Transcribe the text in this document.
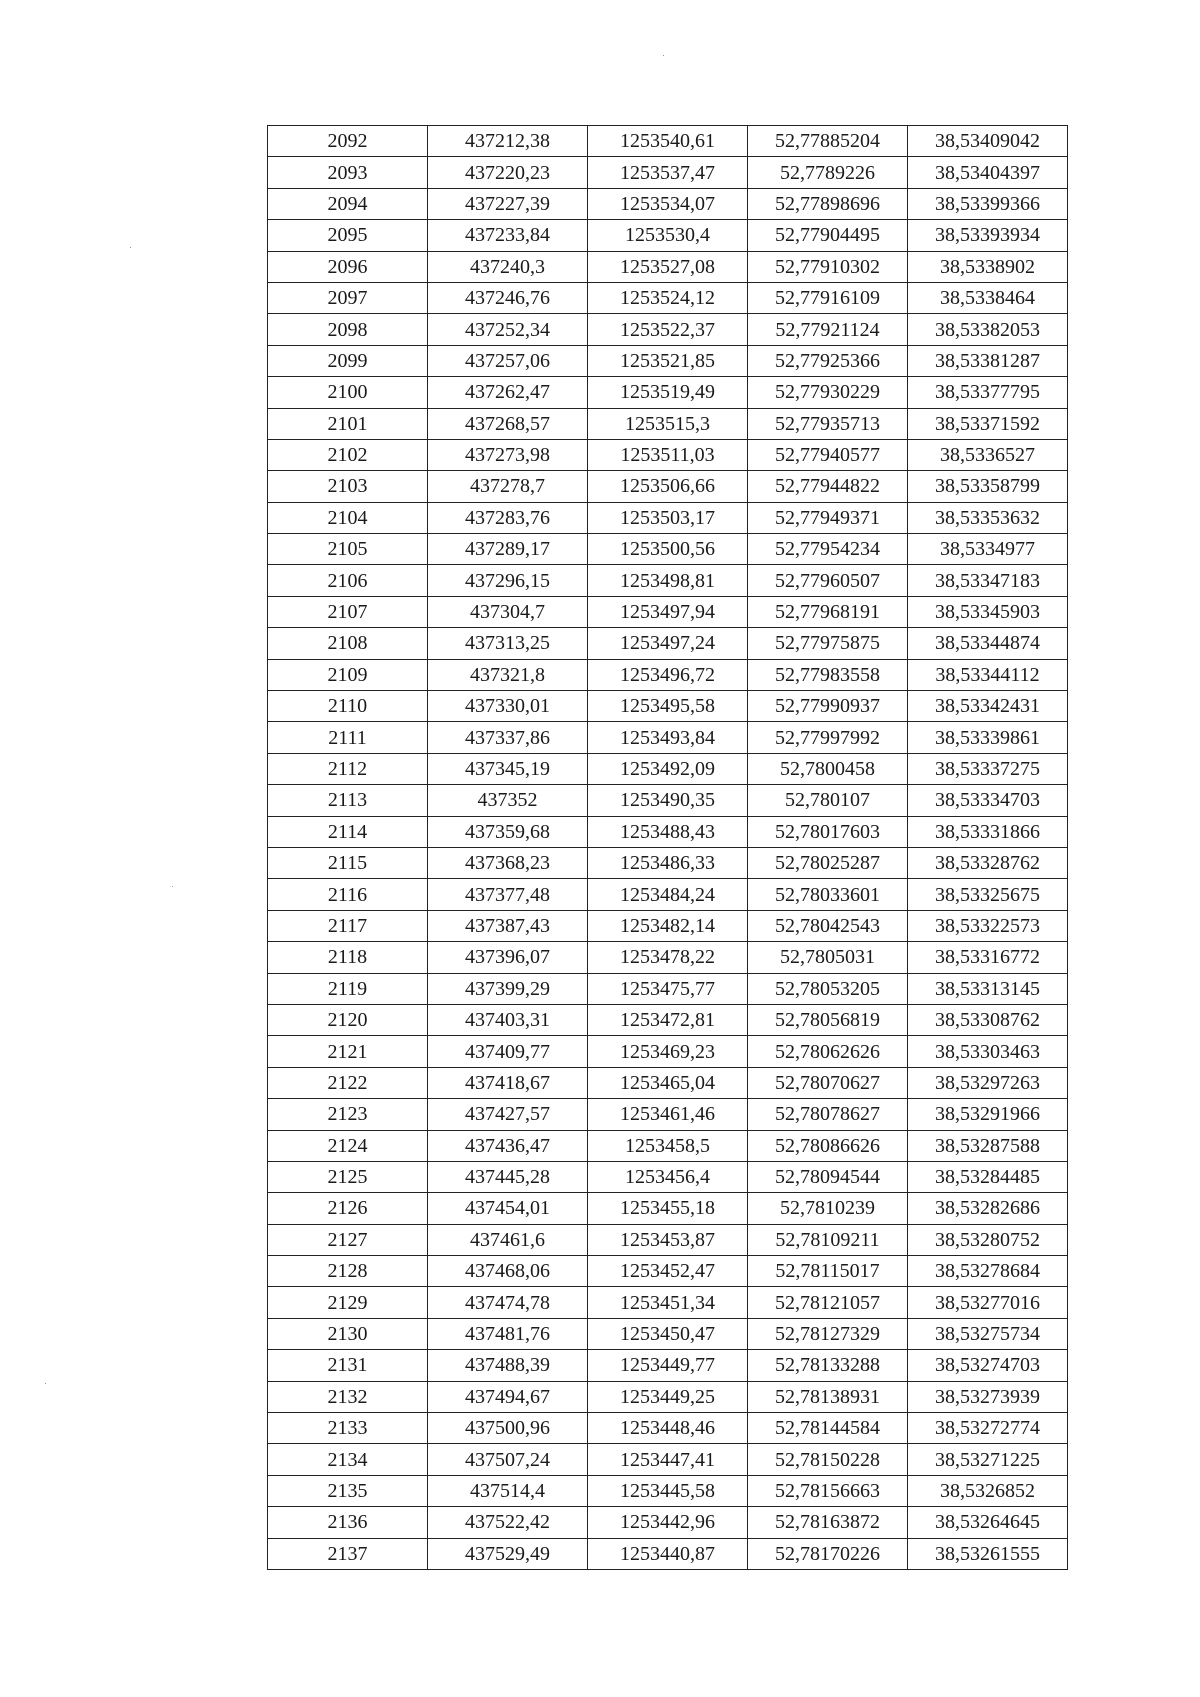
2092	437212,38	1253540,61	52,77885204	38,53409042
2093	437220,23	1253537,47	52,7789226	38,53404397
2094	437227,39	1253534,07	52,77898696	38,53399366
2095	437233,84	1253530,4	52,77904495	38,53393934
2096	437240,3	1253527,08	52,77910302	38,5338902
2097	437246,76	1253524,12	52,77916109	38,5338464
2098	437252,34	1253522,37	52,77921124	38,53382053
2099	437257,06	1253521,85	52,77925366	38,53381287
2100	437262,47	1253519,49	52,77930229	38,53377795
2101	437268,57	1253515,3	52,77935713	38,53371592
2102	437273,98	1253511,03	52,77940577	38,5336527
2103	437278,7	1253506,66	52,77944822	38,53358799
2104	437283,76	1253503,17	52,77949371	38,53353632
2105	437289,17	1253500,56	52,77954234	38,5334977
2106	437296,15	1253498,81	52,77960507	38,53347183
2107	437304,7	1253497,94	52,77968191	38,53345903
2108	437313,25	1253497,24	52,77975875	38,53344874
2109	437321,8	1253496,72	52,77983558	38,53344112
2110	437330,01	1253495,58	52,77990937	38,53342431
2111	437337,86	1253493,84	52,77997992	38,53339861
2112	437345,19	1253492,09	52,7800458	38,53337275
2113	437352	1253490,35	52,780107	38,53334703
2114	437359,68	1253488,43	52,78017603	38,53331866
2115	437368,23	1253486,33	52,78025287	38,53328762
2116	437377,48	1253484,24	52,78033601	38,53325675
2117	437387,43	1253482,14	52,78042543	38,53322573
2118	437396,07	1253478,22	52,7805031	38,53316772
2119	437399,29	1253475,77	52,78053205	38,53313145
2120	437403,31	1253472,81	52,78056819	38,53308762
2121	437409,77	1253469,23	52,78062626	38,53303463
2122	437418,67	1253465,04	52,78070627	38,53297263
2123	437427,57	1253461,46	52,78078627	38,53291966
2124	437436,47	1253458,5	52,78086626	38,53287588
2125	437445,28	1253456,4	52,78094544	38,53284485
2126	437454,01	1253455,18	52,7810239	38,53282686
2127	437461,6	1253453,87	52,78109211	38,53280752
2128	437468,06	1253452,47	52,78115017	38,53278684
2129	437474,78	1253451,34	52,78121057	38,53277016
2130	437481,76	1253450,47	52,78127329	38,53275734
2131	437488,39	1253449,77	52,78133288	38,53274703
2132	437494,67	1253449,25	52,78138931	38,53273939
2133	437500,96	1253448,46	52,78144584	38,53272774
2134	437507,24	1253447,41	52,78150228	38,53271225
2135	437514,4	1253445,58	52,78156663	38,5326852
2136	437522,42	1253442,96	52,78163872	38,53264645
2137	437529,49	1253440,87	52,78170226	38,53261555
